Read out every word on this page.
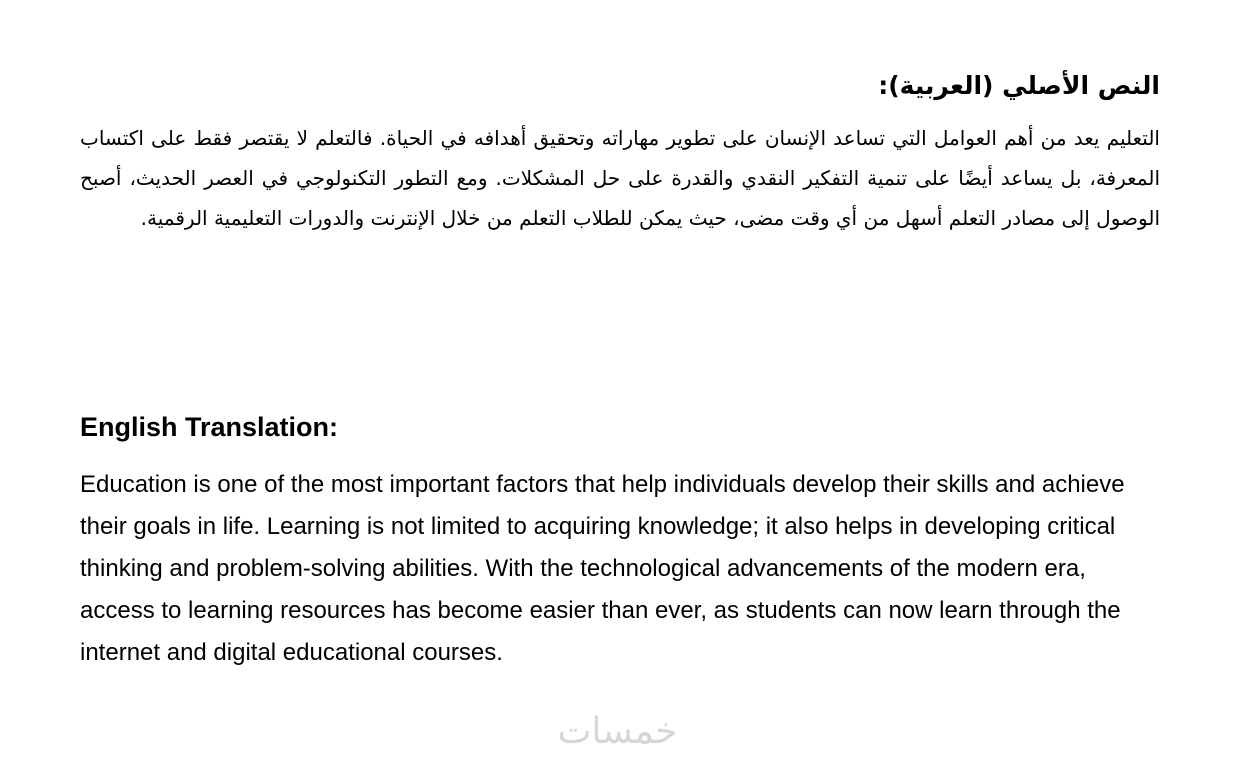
النص الأصلي (العربية):

التعليم يعد من أهم العوامل التي تساعد الإنسان على تطوير مهاراته وتحقيق أهدافه في الحياة. فالتعلم لا يقتصر فقط على اكتساب المعرفة، بل يساعد أيضًا على تنمية التفكير النقدي والقدرة على حل المشكلات. ومع التطور التكنولوجي في العصر الحديث، أصبح الوصول إلى مصادر التعلم أسهل من أي وقت مضى، حيث يمكن للطلاب التعلم من خلال الإنترنت والدورات التعليمية الرقمية.

English Translation:

Education is one of the most important factors that help individuals develop their skills and achieve their goals in life. Learning is not limited to acquiring knowledge; it also helps in developing critical thinking and problem-solving abilities. With the technological advancements of the modern era, access to learning resources has become easier than ever, as students can now learn through the internet and digital educational courses.

خمسات
